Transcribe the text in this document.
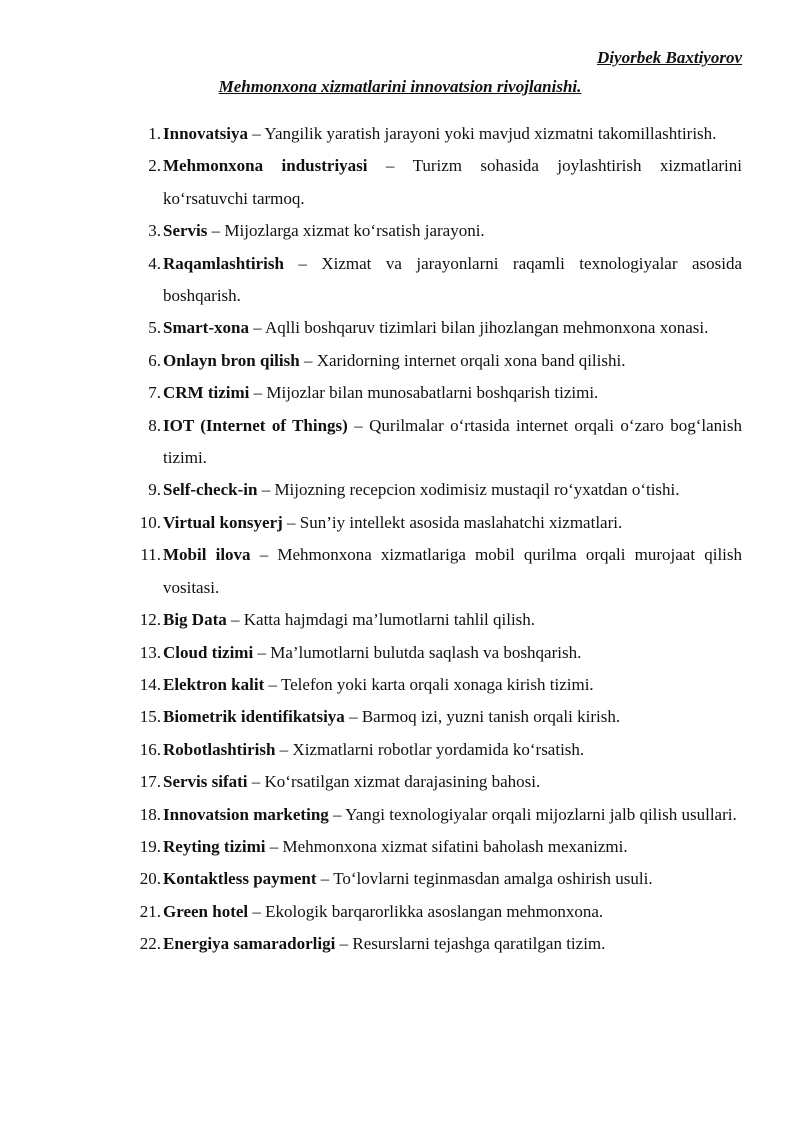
Diyorbek Baxtiyorov
Mehmonxona xizmatlarini innovatsion rivojlanishi.
1. Innovatsiya – Yangilik yaratish jarayoni yoki mavjud xizmatni takomillashtirish.
2. Mehmonxona industriyasi – Turizm sohasida joylashtirish xizmatlarini ko‘rsatuvchi tarmoq.
3. Servis – Mijozlarga xizmat ko‘rsatish jarayoni.
4. Raqamlashtirish – Xizmat va jarayonlarni raqamli texnologiyalar asosida boshqarish.
5. Smart-xona – Aqlli boshqaruv tizimlari bilan jihozlangan mehmonxona xonasi.
6. Onlayn bron qilish – Xaridorning internet orqali xona band qilishi.
7. CRM tizimi – Mijozlar bilan munosabatlarni boshqarish tizimi.
8. IOT (Internet of Things) – Qurilmalar o‘rtasida internet orqali o‘zaro bog‘lanish tizimi.
9. Self-check-in – Mijozning recepcion xodimisiz mustaqil ro‘yxatdan o‘tishi.
10. Virtual konsyerj – Sun’iy intellekt asosida maslahatchi xizmatlari.
11. Mobil ilova – Mehmonxona xizmatlariga mobil qurilma orqali murojaat qilish vositasi.
12. Big Data – Katta hajmdagi ma’lumotlarni tahlil qilish.
13. Cloud tizimi – Ma’lumotlarni bulutda saqlash va boshqarish.
14. Elektron kalit – Telefon yoki karta orqali xonaga kirish tizimi.
15. Biometrik identifikatsiya – Barmoq izi, yuzni tanish orqali kirish.
16. Robotlashtirish – Xizmatlarni robotlar yordamida ko‘rsatish.
17. Servis sifati – Ko‘rsatilgan xizmat darajasining bahosi.
18. Innovatsion marketing – Yangi texnologiyalar orqali mijozlarni jalb qilish usullari.
19. Reyting tizimi – Mehmonxona xizmat sifatini baholash mexanizmi.
20. Kontaktless payment – To‘lovlarni teginmasdan amalga oshirish usuli.
21. Green hotel – Ekologik barqarorlikka asoslangan mehmonxona.
22. Energiya samaradorligi – Resurslarni tejashga qaratilgan tizim.
